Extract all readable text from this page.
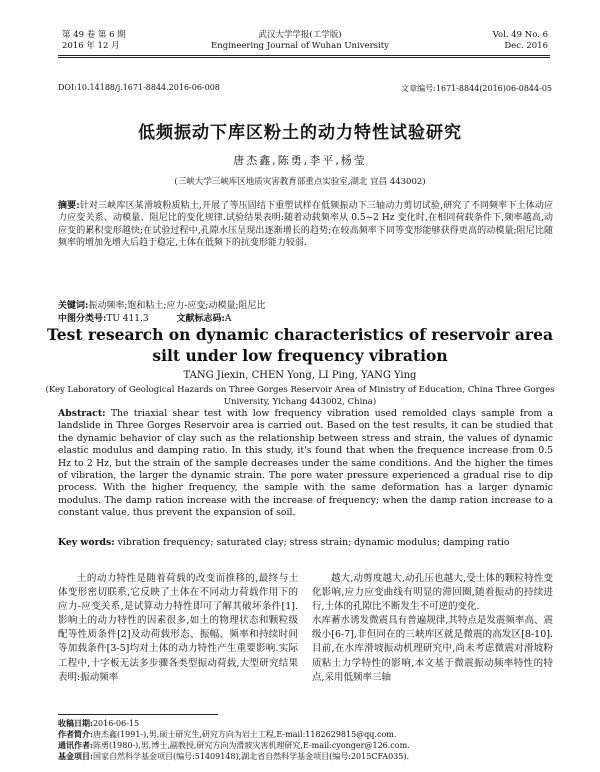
第 49 卷 第 6 期
2016 年 12 月
武汉大学学报(工学版)
Engineering Journal of Wuhan University
Vol. 49 No. 6
Dec. 2016
DOI:10.14188/j.1671-8844.2016-06-008	文章编号:1671-8844(2016)06-0844-05
低频振动下库区粉土的动力特性试验研究
唐杰鑫,陈勇,李平,杨莹
(三峡大学三峡库区地质灾害教育部重点实验室,湖北 宜昌 443002)
摘要:针对三峡库区某滑坡粉质粘土,开展了等压固结下重塑试样在低频振动下三轴动力剪切试验,研究了不同频率下土体动应力应变关系、动模量、阻尼比的变化规律.试验结果表明:随着动载频率从 0.5~2 Hz 变化时,在相同荷载条件下,频率越高,动应变的累积变形越快;在试验过程中,孔隙水压呈现出逐渐增长的趋势;在较高频率下同等变形能够获得更高的动模量;阻尼比随频率的增加先增大后趋于稳定,土体在低频下的抗变形能力较弱.
关键词:振动频率;饱和粘土;应力-应变;动模量;阻尼比
中图分类号:TU 411.3	文献标志码:A
Test research on dynamic characteristics of reservoir area silt under low frequency vibration
TANG Jiexin, CHEN Yong, LI Ping, YANG Ying
(Key Laboratory of Geological Hazards on Three Gorges Reservoir Area of Ministry of Education, China Three Gorges University, Yichang 443002, China)
Abstract: The triaxial shear test with low frequency vibration used remolded clays sample from a landslide in Three Gorges Reservoir area is carried out. Based on the test results, it can be studied that the dynamic behavior of clay such as the relationship between stress and strain, the values of dynamic elastic modulus and damping ratio. In this study, it's found that when the frequence increase from 0.5 Hz to 2 Hz, but the strain of the sample decreases under the same conditions. And the higher the times of vibration, the larger the dynamic strain. The pore water pressure experienced a gradual rise to dip process. With the higher frequency, the sample with the same deformation has a larger dynamic modulus. The damp ration increase with the increase of frequency; when the damp ration increase to a constant value, thus prevent the expansion of soil.
Key words: vibration frequency; saturated clay; stress strain; dynamic modulus; damping ratio
土的动力特性是随着荷载的改变而推移的,最终与土体变形密切联系,它反映了土体在不同动力荷载作用下的应力-应变关系,是试算动力特性即可了解其破坏条件[1].影响土的动力特性的因素很多,如土的物理状态和颗粒级配等性质条件[2]及动荷载形态、振幅、频率和持续时间等加载条件[3-5]均对土体的动力特性产生重要影响.实际工程中,十字板无法多步骤各类型振动荷载,大型研究结果表明:振动频率
越大,动剪度越大,动孔压也越大,受土体的颗粒特性变化影响,应力应变曲线有明显的滞回圈,随着振动的持续进行,土体的孔隙比不断发生不可逆的变化.
水库蓄水诱发微震具有普遍规律,其特点是发震频率高、震级小[6-7],非但同在的三峡库区就是微震的高发区[8-10].目前,在水库滑坡振动机理研究中,尚未考虑微震对滑坡粉质粘土力学特性的影响,本文基于微震振动频率特性的特点,采用低频率三轴
收稿日期:2016-06-15
作者简介:唐杰鑫(1991-),男,硕士研究生,研究方向为岩土工程,E-mail:1182629815@qq.com.
通讯作者:陈勇(1980-),男,博士,副教授,研究方向为滑坡灾害机理研究,E-mail:cyonger@126.com.
基金项目:国家自然科学基金项目(编号:51409148),湖北省自然科学基金项目(编号:2015CFA035).
